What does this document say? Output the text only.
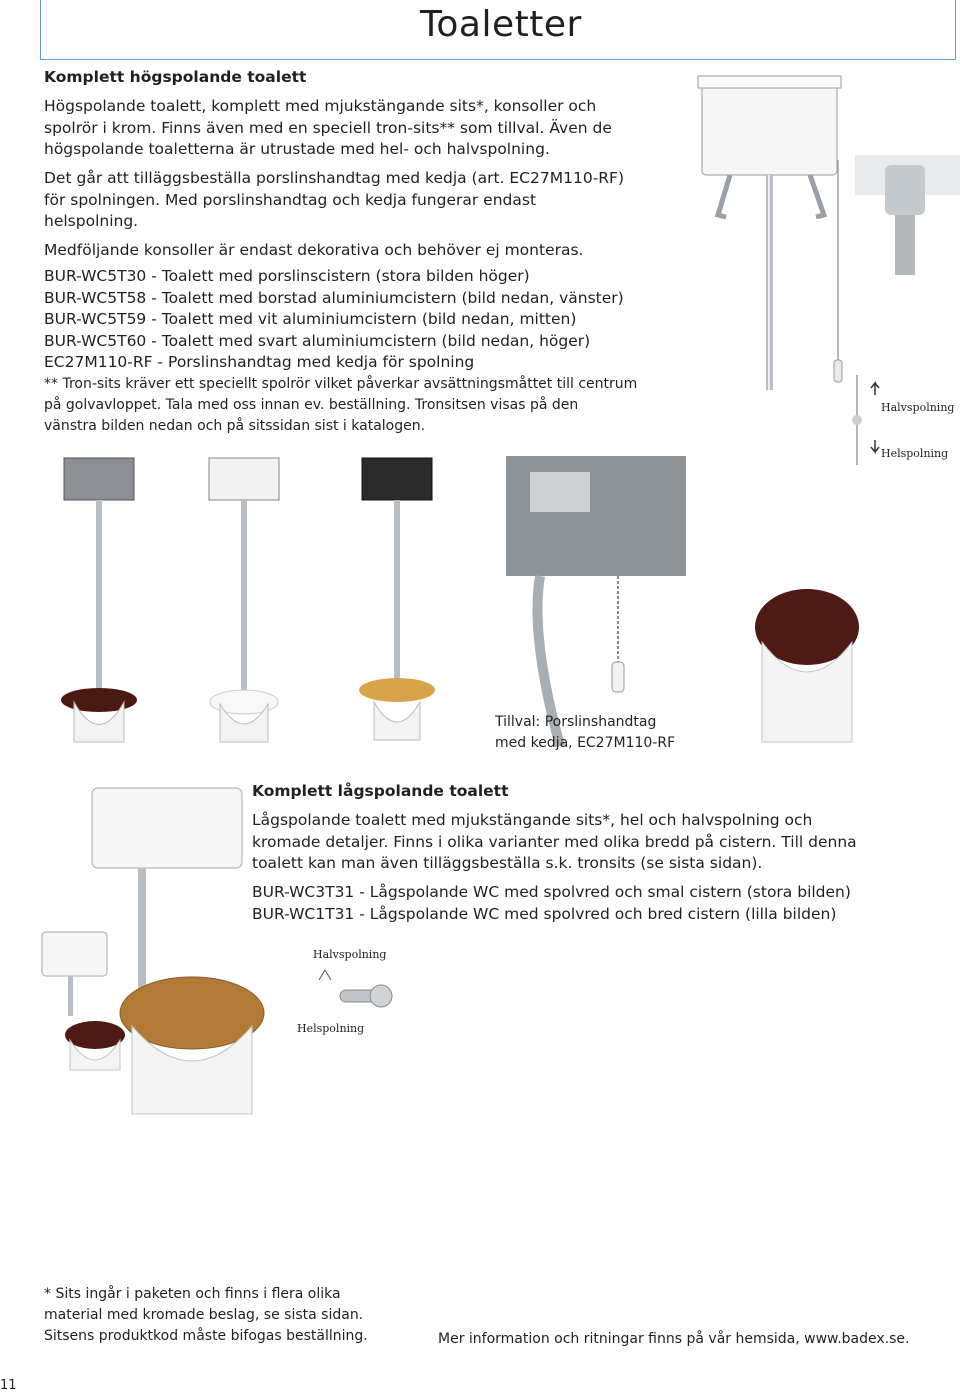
Toaletter
Komplett högspolande toalett
Högspolande toalett, komplett med mjukstängande sits*, konsoller och
spolrör i krom. Finns även med en speciell tron-sits** som tillval. Även de
högspolande toaletterna är utrustade med hel- och halvspolning.
Det går att tilläggsbeställa porslinshandtag med kedja (art. EC27M110-RF)
för spolningen. Med porslinshandtag och kedja fungerar endast
helspolning.
Medföljande konsoller är endast dekorativa och behöver ej monteras.
BUR-WC5T30 - Toalett med porslinscistern (stora bilden höger)
BUR-WC5T58 - Toalett med borstad aluminiumcistern (bild nedan, vänster)
BUR-WC5T59 - Toalett med vit aluminiumcistern (bild nedan, mitten)
BUR-WC5T60 - Toalett med svart aluminiumcistern (bild nedan, höger)
EC27M110-RF - Porslinshandtag med kedja för spolning
** Tron-sits kräver ett speciellt spolrör vilket påverkar avsättningsmåttet till centrum
på golvavloppet. Tala med oss innan ev. beställning. Tronsitsen visas på den
vänstra bilden nedan och på sitssidan sist i katalogen.
Halvspolning
Helspolning
Tillval: Porslinshandtag
med kedja, EC27M110-RF
Komplett lågspolande toalett
Lågspolande toalett med mjukstängande sits*, hel och halvspolning och
kromade detaljer. Finns i olika varianter med olika bredd på cistern. Till denna
toalett kan man även tilläggsbeställa s.k. tronsits (se sista sidan).
BUR-WC3T31 - Lågspolande WC med spolvred och smal cistern (stora bilden)
BUR-WC1T31 - Lågspolande WC med spolvred och bred cistern (lilla bilden)
Halvspolning
Helspolning
* Sits ingår i paketen och finns i flera olika
material med kromade beslag, se sista sidan.
Sitsens produktkod måste bifogas beställning.	Mer information och ritningar finns på vår hemsida, www.badex.se.
11
